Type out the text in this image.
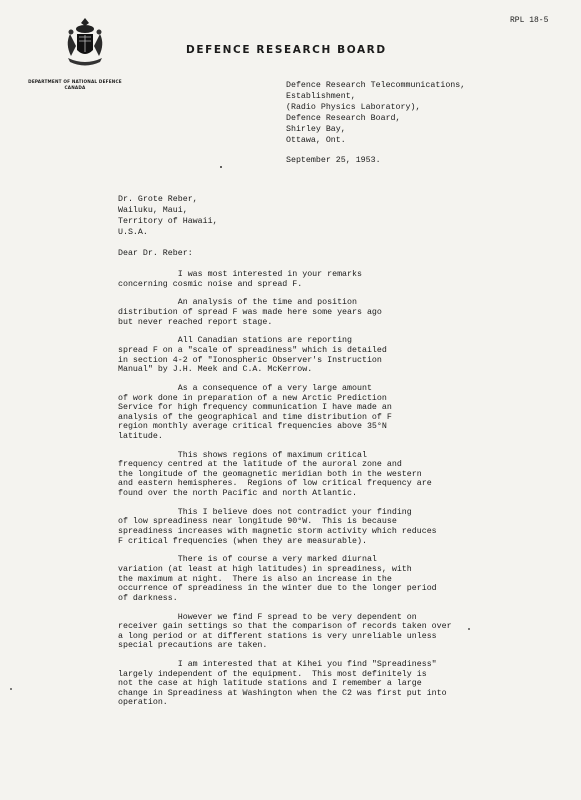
DEPARTMENT OF NATIONAL DEFENCE
CANADA
DEFENCE RESEARCH BOARD
RPL 18-5
Defence Research Telecommunications,
Establishment,
(Radio Physics Laboratory),
Defence Research Board,
Shirley Bay,
Ottawa, Ont.
September 25, 1953.
Dr. Grote Reber,
Wailuku, Maui,
Territory of Hawaii,
U.S.A.
Dear Dr. Reber:
I was most interested in your remarks
concerning cosmic noise and spread F.
An analysis of the time and position
distribution of spread F was made here some years ago
but never reached report stage.
All Canadian stations are reporting
spread F on a "scale of spreadiness" which is detailed
in section 4-2 of "Ionospheric Observer's Instruction
Manual" by J.H. Meek and C.A. McKerrow.
As a consequence of a very large amount
of work done in preparation of a new Arctic Prediction
Service for high frequency communication I have made an
analysis of the geographical and time distribution of F
region monthly average critical frequencies above 35°N
latitude.
This shows regions of maximum critical
frequency centred at the latitude of the auroral zone and
the longitude of the geomagnetic meridian both in the western
and eastern hemispheres.  Regions of low critical frequency are
found over the north Pacific and north Atlantic.
This I believe does not contradict your finding
of low spreadiness near longitude 90°W.  This is because
spreadiness increases with magnetic storm activity which reduces
F critical frequencies (when they are measurable).
There is of course a very marked diurnal
variation (at least at high latitudes) in spreadiness, with
the maximum at night.  There is also an increase in the
occurrence of spreadiness in the winter due to the longer period
of darkness.
However we find F spread to be very dependent on
receiver gain settings so that the comparison of records taken over
a long period or at different stations is very unreliable unless
special precautions are taken.
I am interested that at Kihei you find "Spreadiness"
largely independent of the equipment.  This most definitely is
not the case at high latitude stations and I remember a large
change in Spreadiness at Washington when the C2 was first put into
operation.
